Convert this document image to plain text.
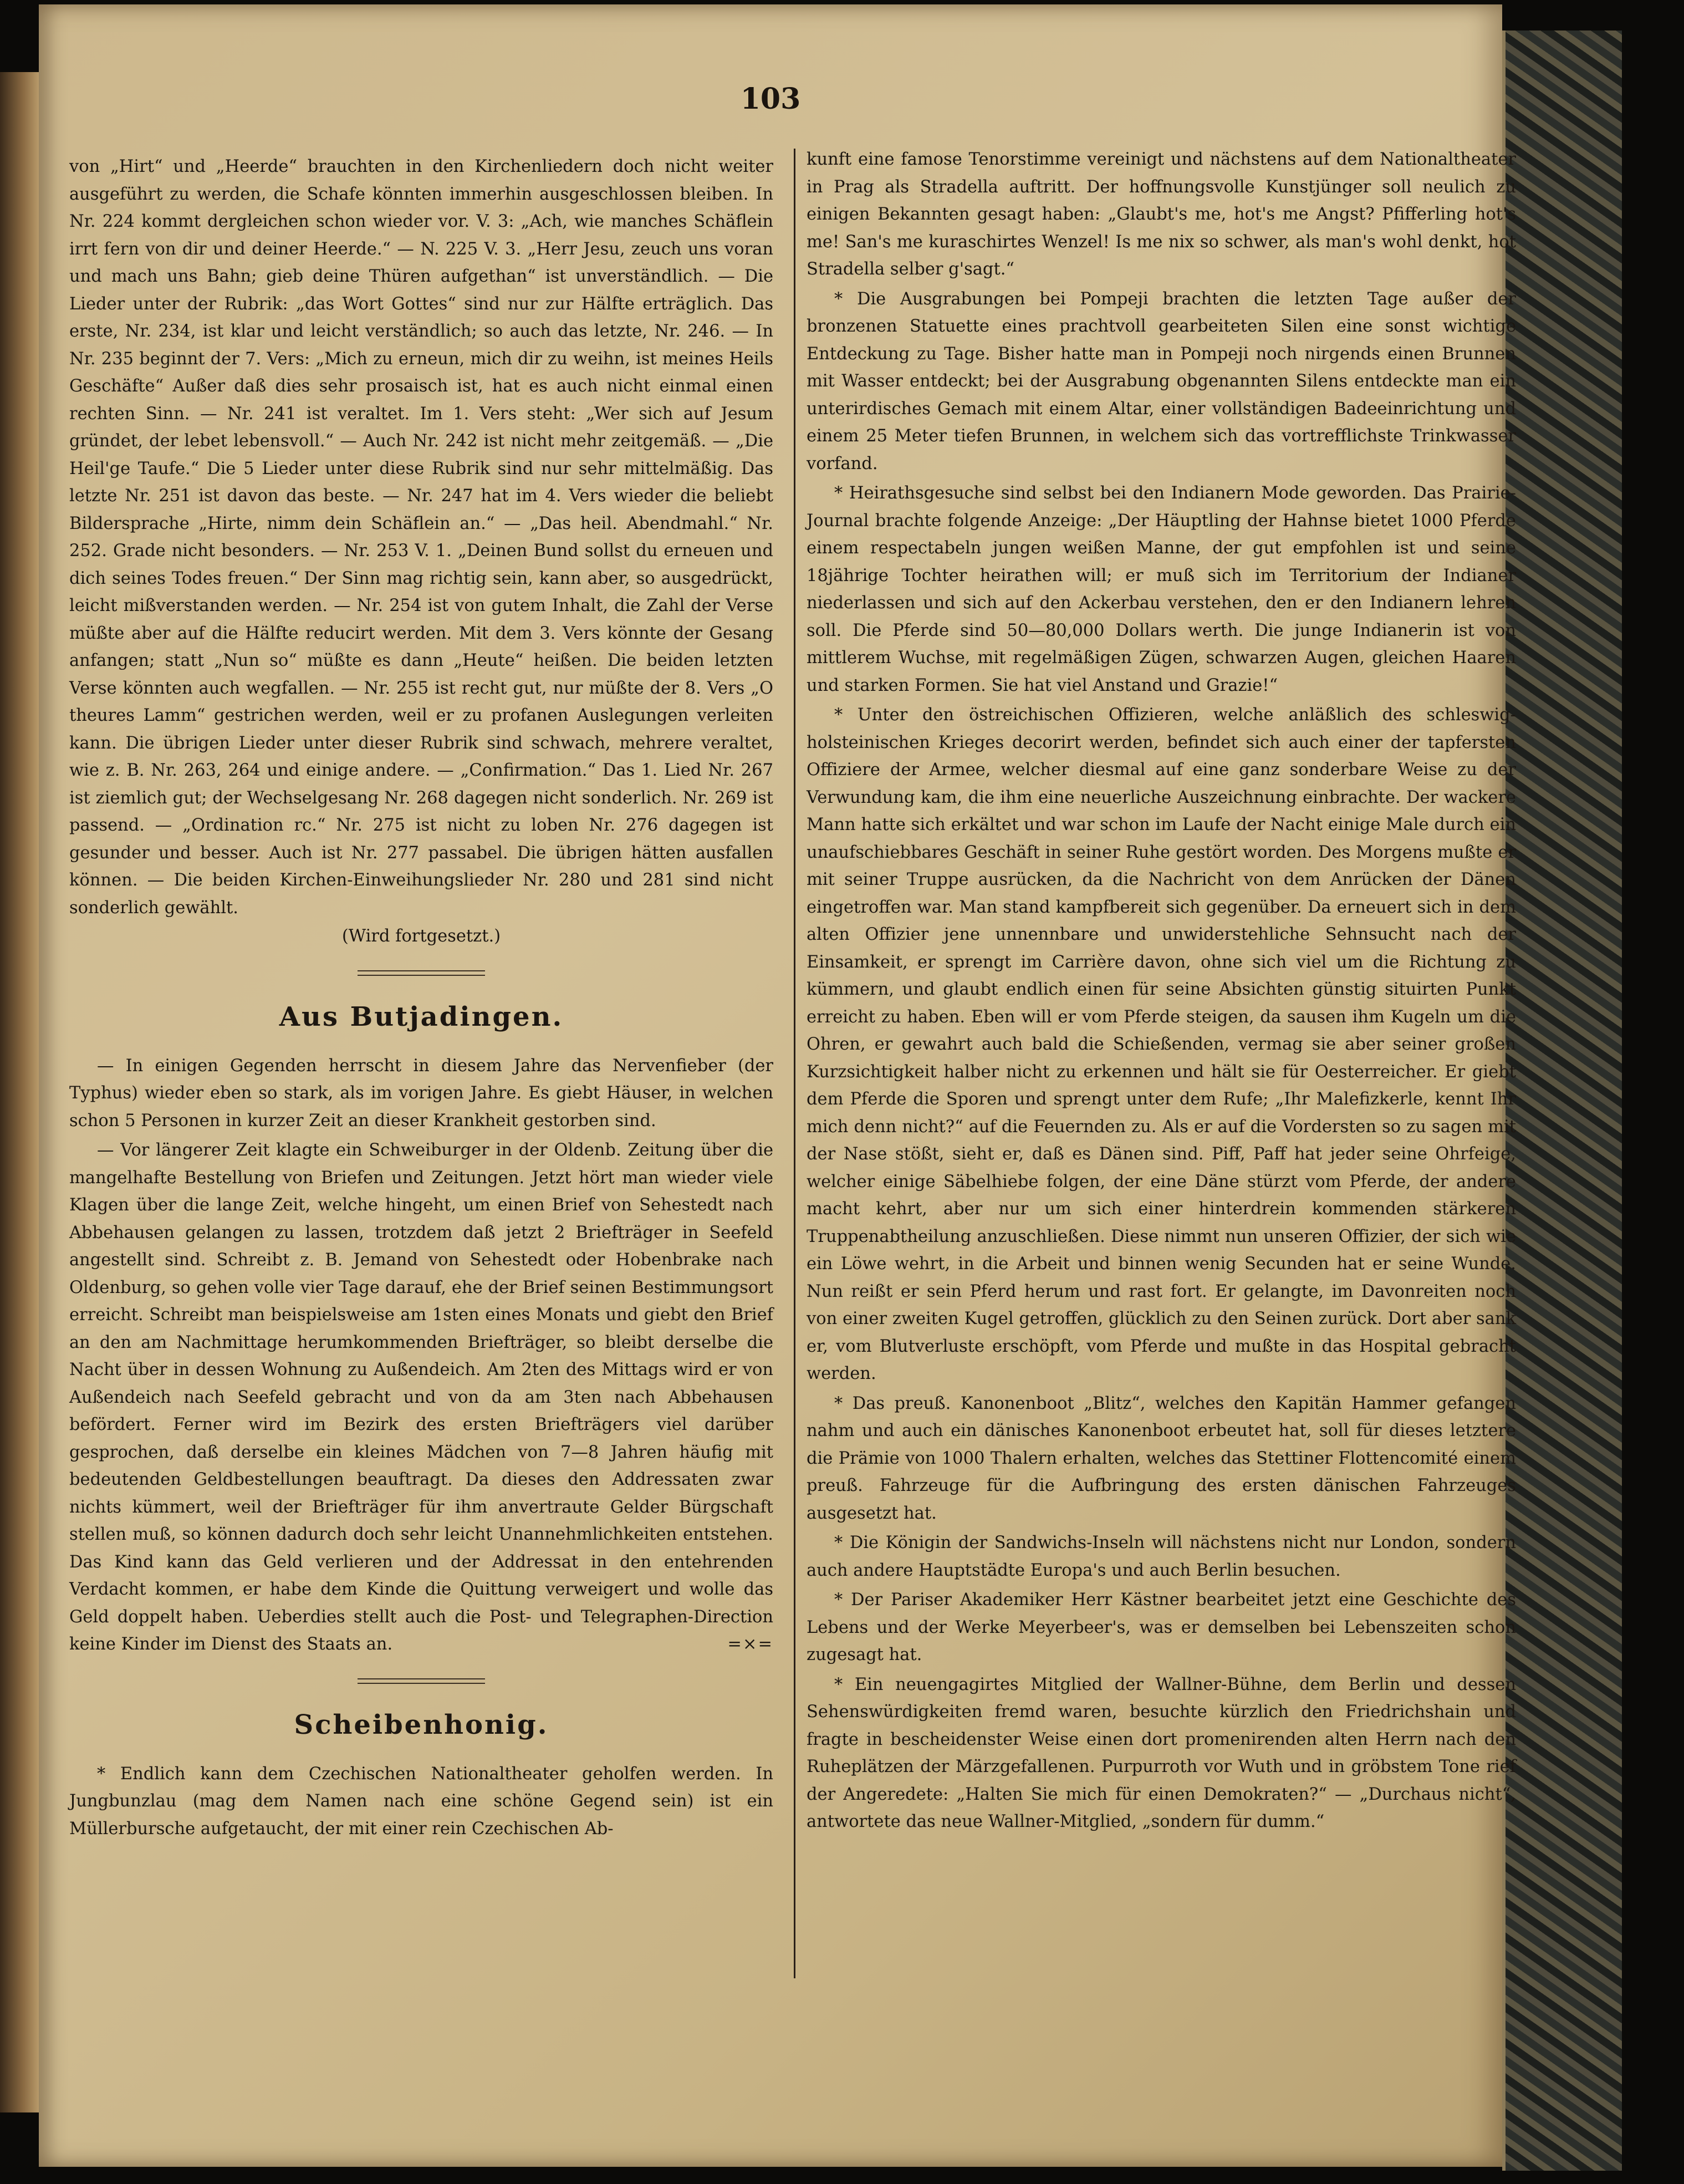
103

von „Hirt“ und „Heerde“ brauchten in den Kirchenliedern doch nicht weiter ausgeführt zu werden, die Schafe könnten immerhin ausgeschlossen bleiben. In Nr. 224 kommt dergleichen schon wieder vor. V. 3: „Ach, wie manches Schäflein irrt fern von dir und deiner Heerde.“ — N. 225 V. 3. „Herr Jesu, zeuch uns voran und mach uns Bahn; gieb deine Thüren aufgethan“ ist unverständlich. — Die Lieder unter der Rubrik: „das Wort Gottes“ sind nur zur Hälfte erträglich. Das erste, Nr. 234, ist klar und leicht verständlich; so auch das letzte, Nr. 246. — In Nr. 235 beginnt der 7. Vers: „Mich zu erneun, mich dir zu weihn, ist meines Heils Geschäfte“ Außer daß dies sehr prosaisch ist, hat es auch nicht einmal einen rechten Sinn. — Nr. 241 ist veraltet. Im 1. Vers steht: „Wer sich auf Jesum gründet, der lebet lebensvoll.“ — Auch Nr. 242 ist nicht mehr zeitgemäß. — „Die Heil'ge Taufe.“ Die 5 Lieder unter diese Rubrik sind nur sehr mittelmäßig. Das letzte Nr. 251 ist davon das beste. — Nr. 247 hat im 4. Vers wieder die beliebt Bildersprache „Hirte, nimm dein Schäflein an.“ — „Das heil. Abendmahl.“ Nr. 252. Grade nicht besonders. — Nr. 253 V. 1. „Deinen Bund sollst du erneuen und dich seines Todes freuen.“ Der Sinn mag richtig sein, kann aber, so ausgedrückt, leicht mißverstanden werden. — Nr. 254 ist von gutem Inhalt, die Zahl der Verse müßte aber auf die Hälfte reducirt werden. Mit dem 3. Vers könnte der Gesang anfangen; statt „Nun so“ müßte es dann „Heute“ heißen. Die beiden letzten Verse könnten auch wegfallen. — Nr. 255 ist recht gut, nur müßte der 8. Vers „O theures Lamm“ gestrichen werden, weil er zu profanen Auslegungen verleiten kann. Die übrigen Lieder unter dieser Rubrik sind schwach, mehrere veraltet, wie z. B. Nr. 263, 264 und einige andere. — „Confirmation.“ Das 1. Lied Nr. 267 ist ziemlich gut; der Wechselgesang Nr. 268 dagegen nicht sonderlich. Nr. 269 ist passend. — „Ordination rc.“ Nr. 275 ist nicht zu loben Nr. 276 dagegen ist gesunder und besser. Auch ist Nr. 277 passabel. Die übrigen hätten ausfallen können. — Die beiden Kirchen-Einweihungslieder Nr. 280 und 281 sind nicht sonderlich gewählt.

(Wird fortgesetzt.)

Aus Butjadingen.

— In einigen Gegenden herrscht in diesem Jahre das Nervenfieber (der Typhus) wieder eben so stark, als im vorigen Jahre. Es giebt Häuser, in welchen schon 5 Personen in kurzer Zeit an dieser Krankheit gestorben sind.

— Vor längerer Zeit klagte ein Schweiburger in der Oldenb. Zeitung über die mangelhafte Bestellung von Briefen und Zeitungen. Jetzt hört man wieder viele Klagen über die lange Zeit, welche hingeht, um einen Brief von Sehestedt nach Abbehausen gelangen zu lassen, trotzdem daß jetzt 2 Briefträger in Seefeld angestellt sind. Schreibt z. B. Jemand von Sehestedt oder Hobenbrake nach Oldenburg, so gehen volle vier Tage darauf, ehe der Brief seinen Bestimmungsort erreicht. Schreibt man beispielsweise am 1sten eines Monats und giebt den Brief an den am Nachmittage herumkommenden Briefträger, so bleibt derselbe die Nacht über in dessen Wohnung zu Außendeich. Am 2ten des Mittags wird er von Außendeich nach Seefeld gebracht und von da am 3ten nach Abbehausen befördert. Ferner wird im Bezirk des ersten Briefträgers viel darüber gesprochen, daß derselbe ein kleines Mädchen von 7—8 Jahren häufig mit bedeutenden Geldbestellungen beauftragt. Da dieses den Addressaten zwar nichts kümmert, weil der Briefträger für ihm anvertraute Gelder Bürgschaft stellen muß, so können dadurch doch sehr leicht Unannehmlichkeiten entstehen. Das Kind kann das Geld verlieren und der Addressat in den entehrenden Verdacht kommen, er habe dem Kinde die Quittung verweigert und wolle das Geld doppelt haben. Ueberdies stellt auch die Post- und Telegraphen-Direction keine Kinder im Dienst des Staats an.	=×=

Scheibenhonig.

* Endlich kann dem Czechischen Nationaltheater geholfen werden. In Jungbunzlau (mag dem Namen nach eine schöne Gegend sein) ist ein Müllerbursche aufgetaucht, der mit einer rein Czechischen Ab-

kunft eine famose Tenorstimme vereinigt und nächstens auf dem Nationaltheater in Prag als Stradella auftritt. Der hoffnungsvolle Kunstjünger soll neulich zu einigen Bekannten gesagt haben: „Glaubt's me, hot's me Angst? Pfifferling hot's me! San's me kuraschirtes Wenzel! Is me nix so schwer, als man's wohl denkt, hot Stradella selber g'sagt.“

* Die Ausgrabungen bei Pompeji brachten die letzten Tage außer der bronzenen Statuette eines prachtvoll gearbeiteten Silen eine sonst wichtige Entdeckung zu Tage. Bisher hatte man in Pompeji noch nirgends einen Brunnen mit Wasser entdeckt; bei der Ausgrabung obgenannten Silens entdeckte man ein unterirdisches Gemach mit einem Altar, einer vollständigen Badeeinrichtung und einem 25 Meter tiefen Brunnen, in welchem sich das vortrefflichste Trinkwasser vorfand.

* Heirathsgesuche sind selbst bei den Indianern Mode geworden. Das Prairie-Journal brachte folgende Anzeige: „Der Häuptling der Hahnse bietet 1000 Pferde einem respectabeln jungen weißen Manne, der gut empfohlen ist und seine 18jährige Tochter heirathen will; er muß sich im Territorium der Indianer niederlassen und sich auf den Ackerbau verstehen, den er den Indianern lehren soll. Die Pferde sind 50—80,000 Dollars werth. Die junge Indianerin ist von mittlerem Wuchse, mit regelmäßigen Zügen, schwarzen Augen, gleichen Haaren und starken Formen. Sie hat viel Anstand und Grazie!“

* Unter den östreichischen Offizieren, welche anläßlich des schleswig-holsteinischen Krieges decorirt werden, befindet sich auch einer der tapfersten Offiziere der Armee, welcher diesmal auf eine ganz sonderbare Weise zu der Verwundung kam, die ihm eine neuerliche Auszeichnung einbrachte. Der wackere Mann hatte sich erkältet und war schon im Laufe der Nacht einige Male durch ein unaufschiebbares Geschäft in seiner Ruhe gestört worden. Des Morgens mußte er mit seiner Truppe ausrücken, da die Nachricht von dem Anrücken der Dänen eingetroffen war. Man stand kampfbereit sich gegenüber. Da erneuert sich in dem alten Offizier jene unnennbare und unwiderstehliche Sehnsucht nach der Einsamkeit, er sprengt im Carrière davon, ohne sich viel um die Richtung zu kümmern, und glaubt endlich einen für seine Absichten günstig situirten Punkt erreicht zu haben. Eben will er vom Pferde steigen, da sausen ihm Kugeln um die Ohren, er gewahrt auch bald die Schießenden, vermag sie aber seiner großen Kurzsichtigkeit halber nicht zu erkennen und hält sie für Oesterreicher. Er giebt dem Pferde die Sporen und sprengt unter dem Rufe; „Ihr Malefizkerle, kennt Ihr mich denn nicht?“ auf die Feuernden zu. Als er auf die Vordersten so zu sagen mit der Nase stößt, sieht er, daß es Dänen sind. Piff, Paff hat jeder seine Ohrfeige, welcher einige Säbelhiebe folgen, der eine Däne stürzt vom Pferde, der andere macht kehrt, aber nur um sich einer hinterdrein kommenden stärkeren Truppenabtheilung anzuschließen. Diese nimmt nun unseren Offizier, der sich wie ein Löwe wehrt, in die Arbeit und binnen wenig Secunden hat er seine Wunde. Nun reißt er sein Pferd herum und rast fort. Er gelangte, im Davonreiten noch von einer zweiten Kugel getroffen, glücklich zu den Seinen zurück. Dort aber sank er, vom Blutverluste erschöpft, vom Pferde und mußte in das Hospital gebracht werden.

* Das preuß. Kanonenboot „Blitz“, welches den Kapitän Hammer gefangen nahm und auch ein dänisches Kanonenboot erbeutet hat, soll für dieses letztere die Prämie von 1000 Thalern erhalten, welches das Stettiner Flottencomité einem preuß. Fahrzeuge für die Aufbringung des ersten dänischen Fahrzeuges ausgesetzt hat.

* Die Königin der Sandwichs-Inseln will nächstens nicht nur London, sondern auch andere Hauptstädte Europa's und auch Berlin besuchen.

* Der Pariser Akademiker Herr Kästner bearbeitet jetzt eine Geschichte des Lebens und der Werke Meyerbeer's, was er demselben bei Lebenszeiten schon zugesagt hat.

* Ein neuengagirtes Mitglied der Wallner-Bühne, dem Berlin und dessen Sehenswürdigkeiten fremd waren, besuchte kürzlich den Friedrichshain und fragte in bescheidenster Weise einen dort promenirenden alten Herrn nach den Ruheplätzen der Märzgefallenen. Purpurroth vor Wuth und in gröbstem Tone rief der Angeredete: „Halten Sie mich für einen Demokraten?“ — „Durchaus nicht“, antwortete das neue Wallner-Mitglied, „sondern für dumm.“
